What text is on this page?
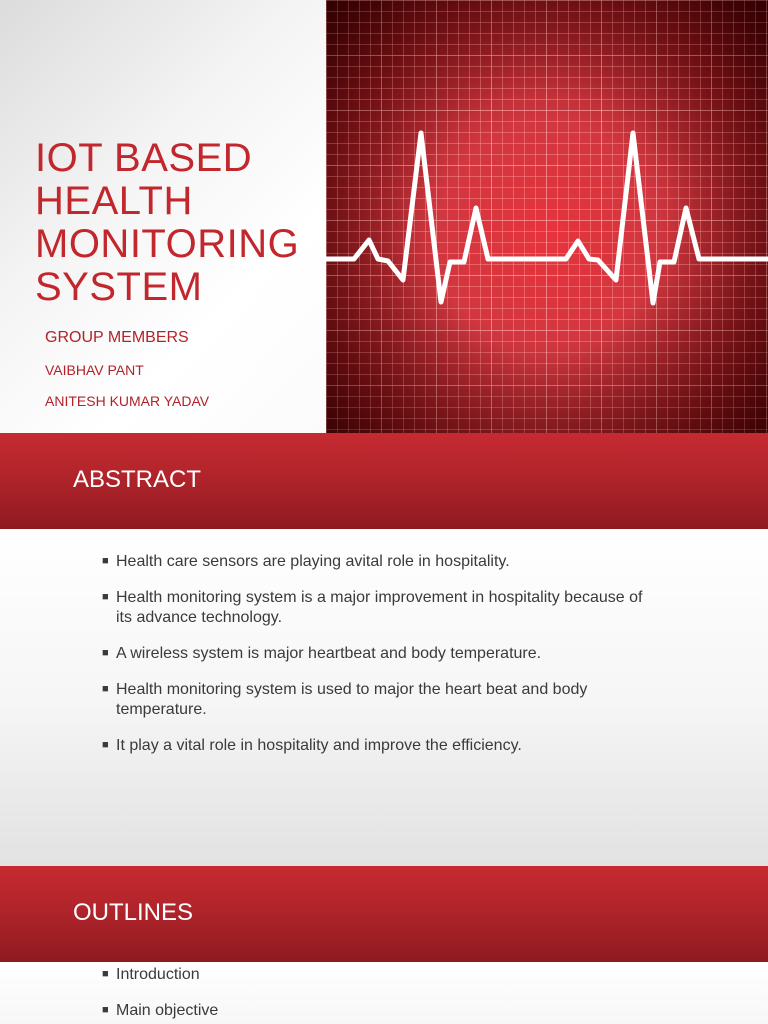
IOT BASED
HEALTH
MONITORING
SYSTEM
GROUP MEMBERS
VAIBHAV PANT
ANITESH KUMAR YADAV
ABSTRACT
■ Health care sensors are playing avital role in hospitality.
■ Health monitoring system is a major improvement in hospitality because of its advance technology.
■ A wireless system is major heartbeat and body temperature.
■ Health monitoring system is used to major the heart beat and body temperature.
■ It play a vital role in hospitality and improve the efficiency.
OUTLINES
■ Introduction
■ Main objective
